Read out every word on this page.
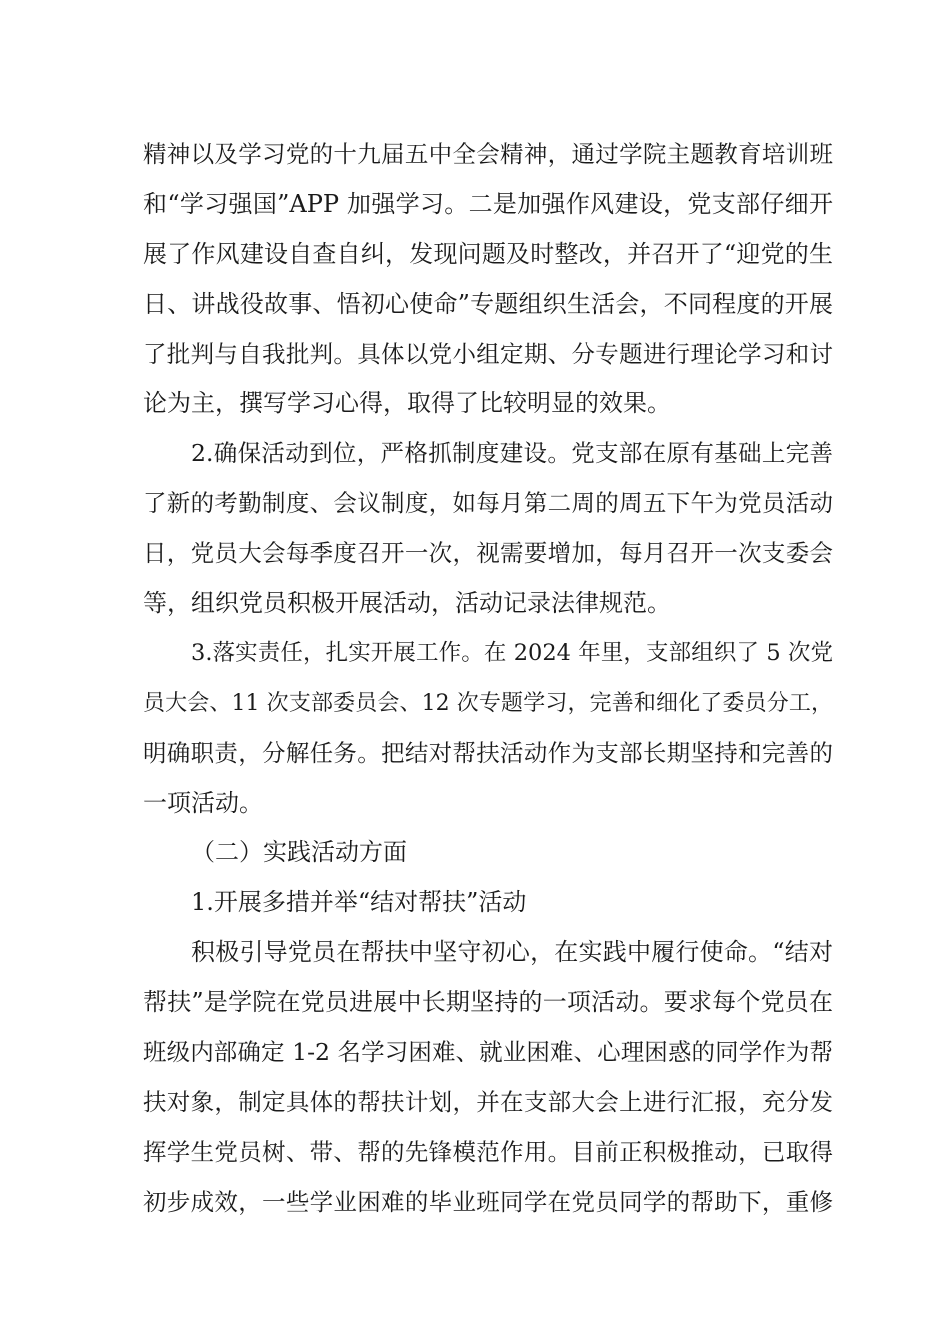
精神以及学习党的十九届五中全会精神，通过学院主题教育培训班
和“学习强国”APP 加强学习。二是加强作风建设，党支部仔细开
展了作风建设自查自纠，发现问题及时整改，并召开了“迎党的生
日、讲战役故事、悟初心使命”专题组织生活会，不同程度的开展
了批判与自我批判。具体以党小组定期、分专题进行理论学习和讨
论为主，撰写学习心得，取得了比较明显的效果。
2.确保活动到位，严格抓制度建设。党支部在原有基础上完善
了新的考勤制度、会议制度，如每月第二周的周五下午为党员活动
日，党员大会每季度召开一次，视需要增加，每月召开一次支委会
等，组织党员积极开展活动，活动记录法律规范。
3.落实责任，扎实开展工作。在 2024 年里，支部组织了 5 次党
员大会、11 次支部委员会、12 次专题学习，完善和细化了委员分工，
明确职责，分解任务。把结对帮扶活动作为支部长期坚持和完善的
一项活动。
（二）实践活动方面
1.开展多措并举“结对帮扶”活动
积极引导党员在帮扶中坚守初心，在实践中履行使命。“结对
帮扶”是学院在党员进展中长期坚持的一项活动。要求每个党员在
班级内部确定 1-2 名学习困难、就业困难、心理困惑的同学作为帮
扶对象，制定具体的帮扶计划，并在支部大会上进行汇报，充分发
挥学生党员树、带、帮的先锋模范作用。目前正积极推动，已取得
初步成效，一些学业困难的毕业班同学在党员同学的帮助下，重修
